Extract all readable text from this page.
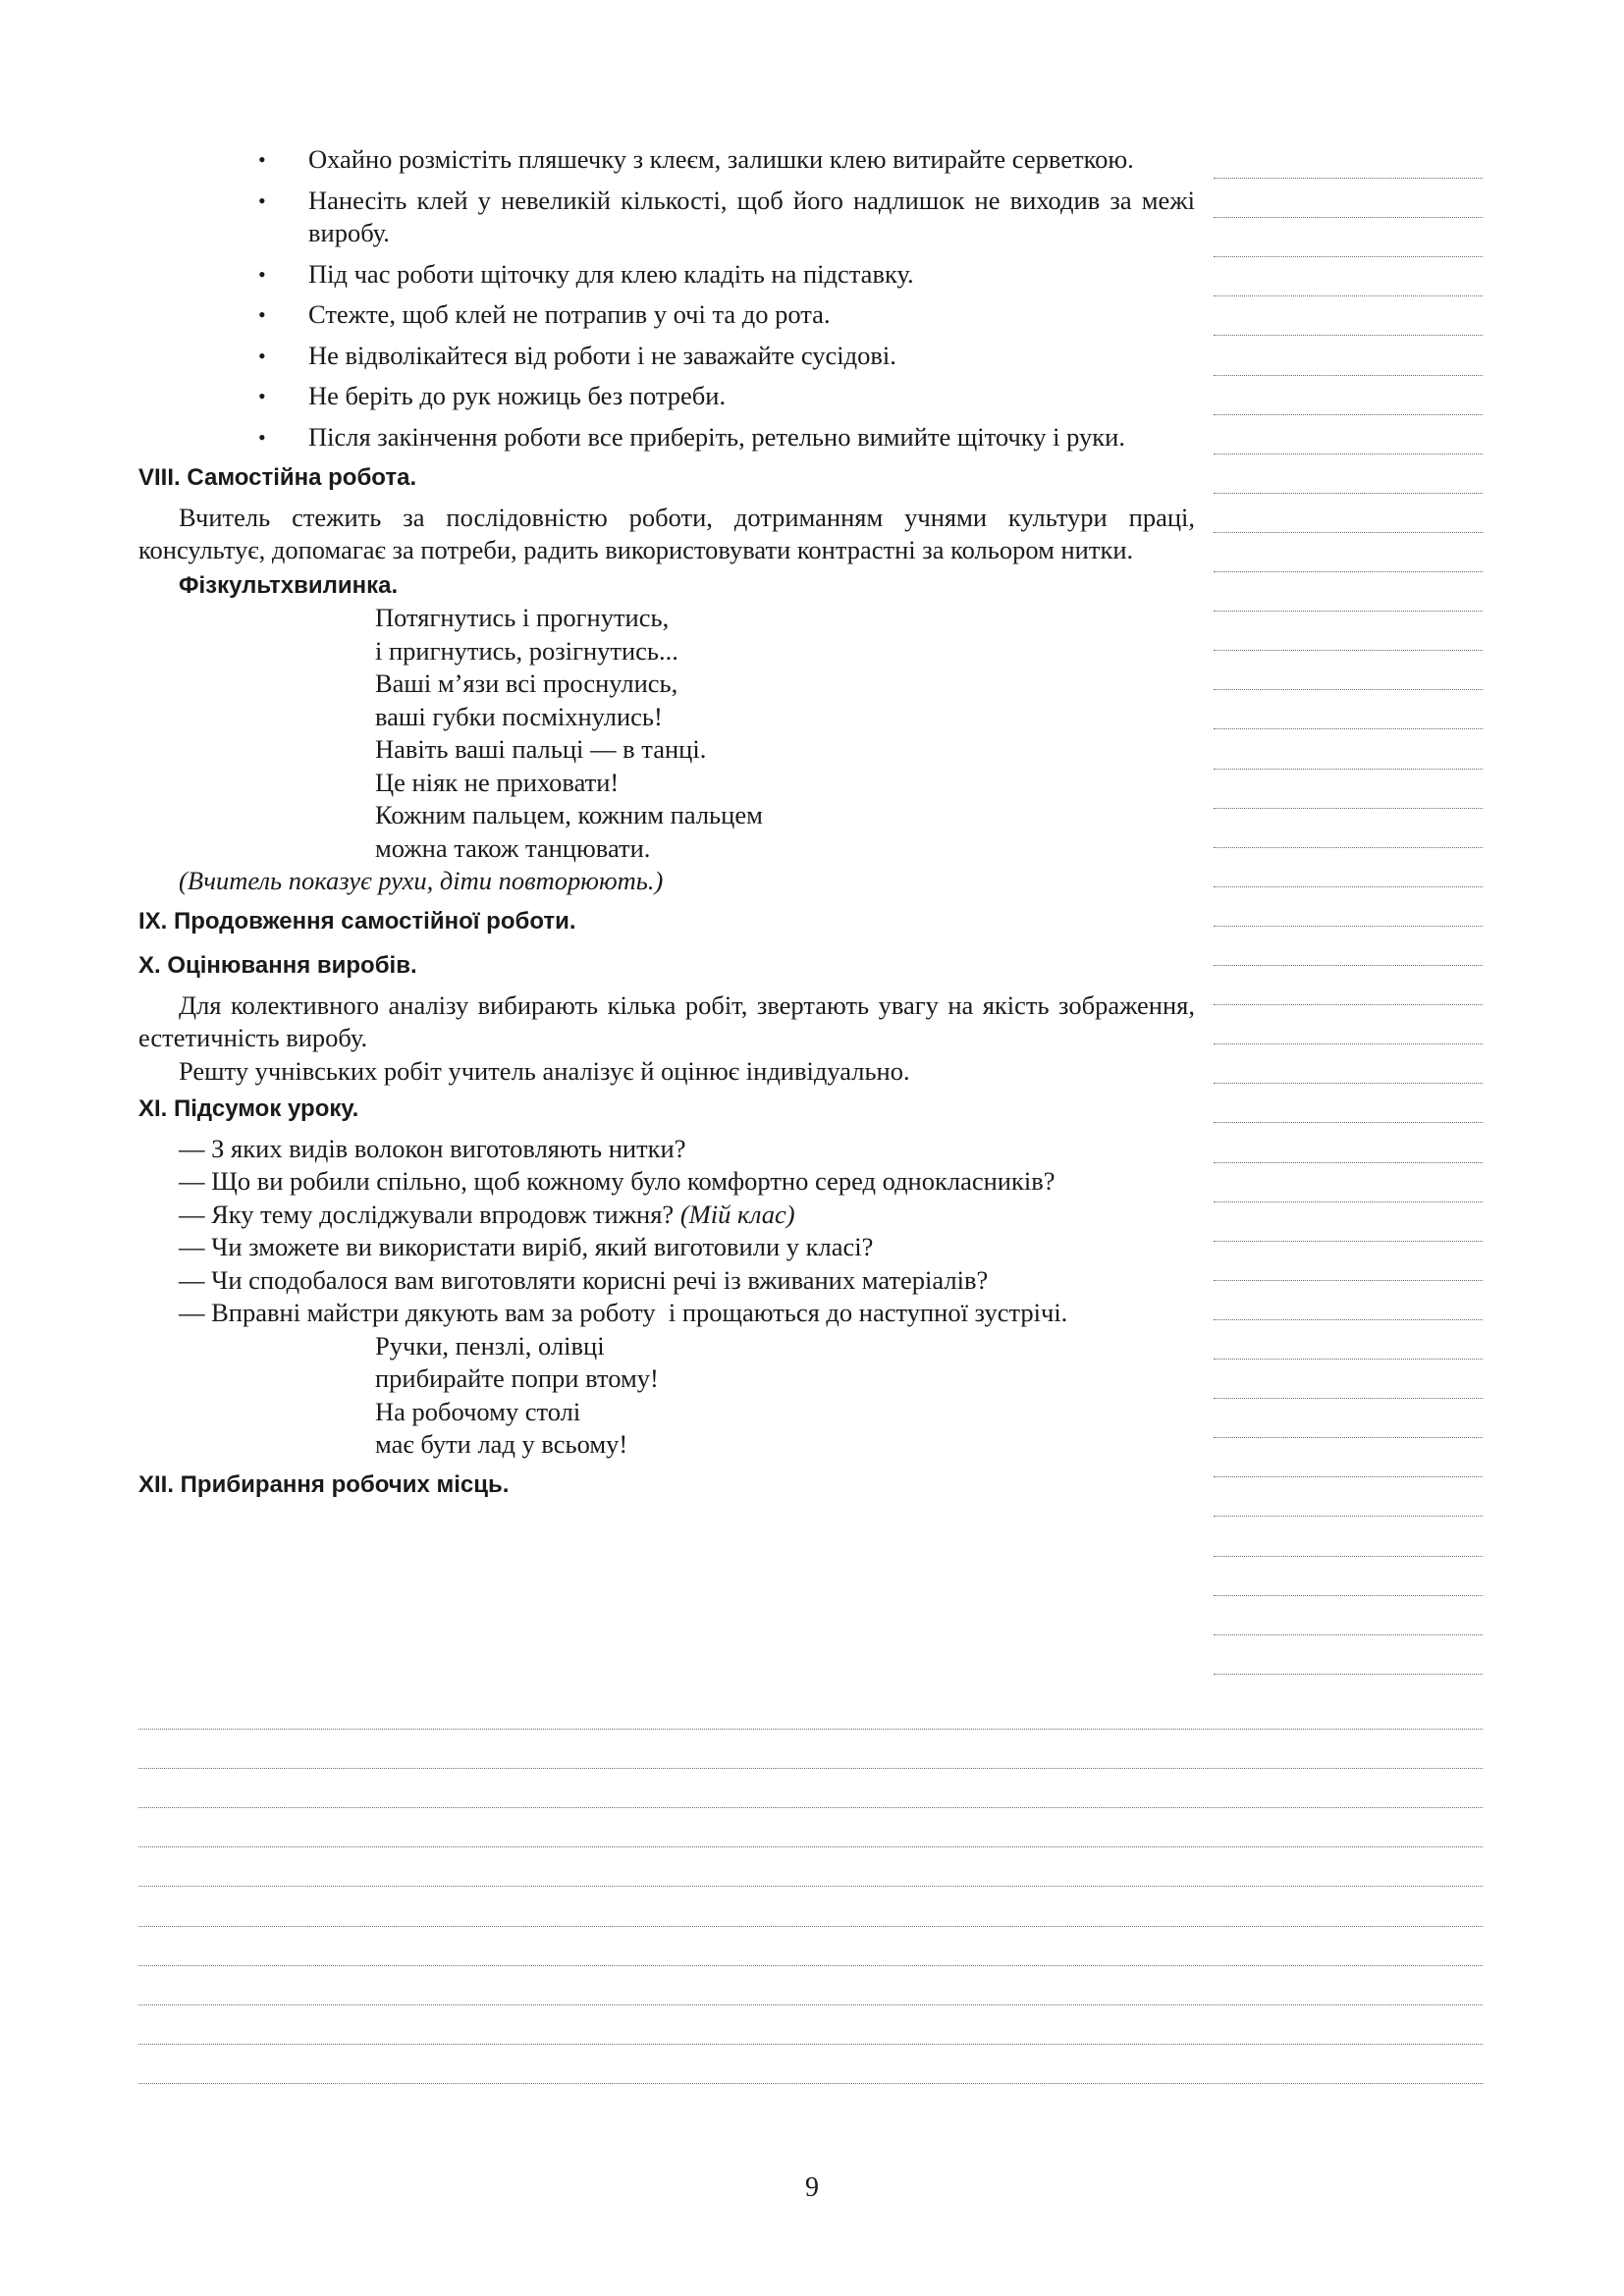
•	Охайно розмістіть пляшечку з клеєм, залишки клею витирайте серветкою.
•	Нанесіть клей у невеликій кількості, щоб його надлишок не виходив за межі виробу.
•	Під час роботи щіточку для клею кладіть на підставку.
•	Стежте, щоб клей не потрапив у очі та до рота.
•	Не відволікайтеся від роботи і не заважайте сусідові.
•	Не беріть до рук ножиць без потреби.
•	Після закінчення роботи все приберіть, ретельно вимийте щіточку і руки.
VIII. Самостійна робота.
Вчитель стежить за послідовністю роботи, дотриманням учнями культури праці, консультує, допомагає за потреби, радить використовувати контрастні за кольором нитки.
Фізкультхвилинка.
Потягнутись і прогнутись,
і пригнутись, розігнутись...
Ваші м’язи всі проснулись,
ваші губки посміхнулись!
Навіть ваші пальці — в танці.
Це ніяк не приховати!
Кожним пальцем, кожним пальцем
можна також танцювати.
(Вчитель показує рухи, діти повторюють.)
IX. Продовження самостійної роботи.
X. Оцінювання виробів.
Для колективного аналізу вибирають кілька робіт, звертають увагу на якість зображення, естетичність виробу.
Решту учнівських робіт учитель аналізує й оцінює індивідуально.
XI. Підсумок уроку.
— З яких видів волокон виготовляють нитки?
— Що ви робили спільно, щоб кожному було комфортно серед однокласників?
— Яку тему досліджували впродовж тижня? (Мій клас)
— Чи зможете ви використати виріб, який виготовили у класі?
— Чи сподобалося вам виготовляти корисні речі із вживаних матеріалів?
— Вправні майстри дякують вам за роботу  і прощаються до наступної зустрічі.
Ручки, пензлі, олівці
прибирайте попри втому!
На робочому столі
має бути лад у всьому!
XII. Прибирання робочих місць.
9
